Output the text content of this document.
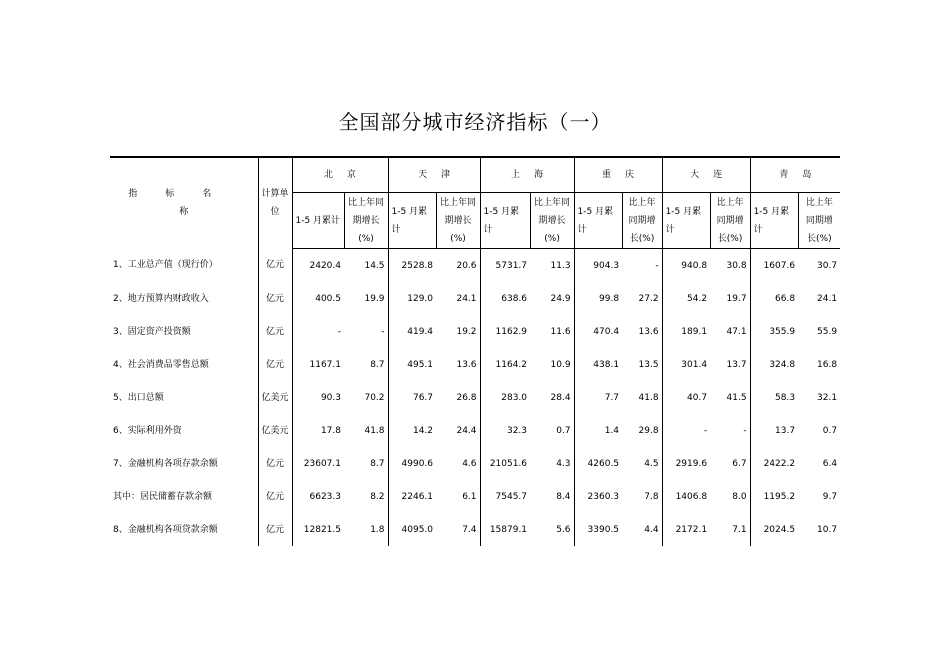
全国部分城市经济指标（一）
指标名称	计算单位	北京		天津		上海		重庆		大连		青岛	
		1-5 月累计	比上年同期增长(%)	1-5 月累计	比上年同期增长(%)	1-5 月累计	比上年同期增长(%)	1-5 月累计	比上年同期增长(%)	1-5 月累计	比上年同期增长(%)	1-5 月累计	比上年同期增长(%)
1、工业总产值（现行价）	亿元	2420.4	14.5	2528.8	20.6	5731.7	11.3	904.3	-	940.8	30.8	1607.6	30.7
2、地方预算内财政收入	亿元	400.5	19.9	129.0	24.1	638.6	24.9	99.8	27.2	54.2	19.7	66.8	24.1
3、固定资产投资额	亿元	-	-	419.4	19.2	1162.9	11.6	470.4	13.6	189.1	47.1	355.9	55.9
4、社会消费品零售总额	亿元	1167.1	8.7	495.1	13.6	1164.2	10.9	438.1	13.5	301.4	13.7	324.8	16.8
5、出口总额	亿美元	90.3	70.2	76.7	26.8	283.0	28.4	7.7	41.8	40.7	41.5	58.3	32.1
6、实际利用外资	亿美元	17.8	41.8	14.2	24.4	32.3	0.7	1.4	29.8	-	-	13.7	0.7
7、金融机构各项存款余额	亿元	23607.1	8.7	4990.6	4.6	21051.6	4.3	4260.5	4.5	2919.6	6.7	2422.2	6.4
其中：居民储蓄存款余额	亿元	6623.3	8.2	2246.1	6.1	7545.7	8.4	2360.3	7.8	1406.8	8.0	1195.2	9.7
8、金融机构各项贷款余额	亿元	12821.5	1.8	4095.0	7.4	15879.1	5.6	3390.5	4.4	2172.1	7.1	2024.5	10.7
